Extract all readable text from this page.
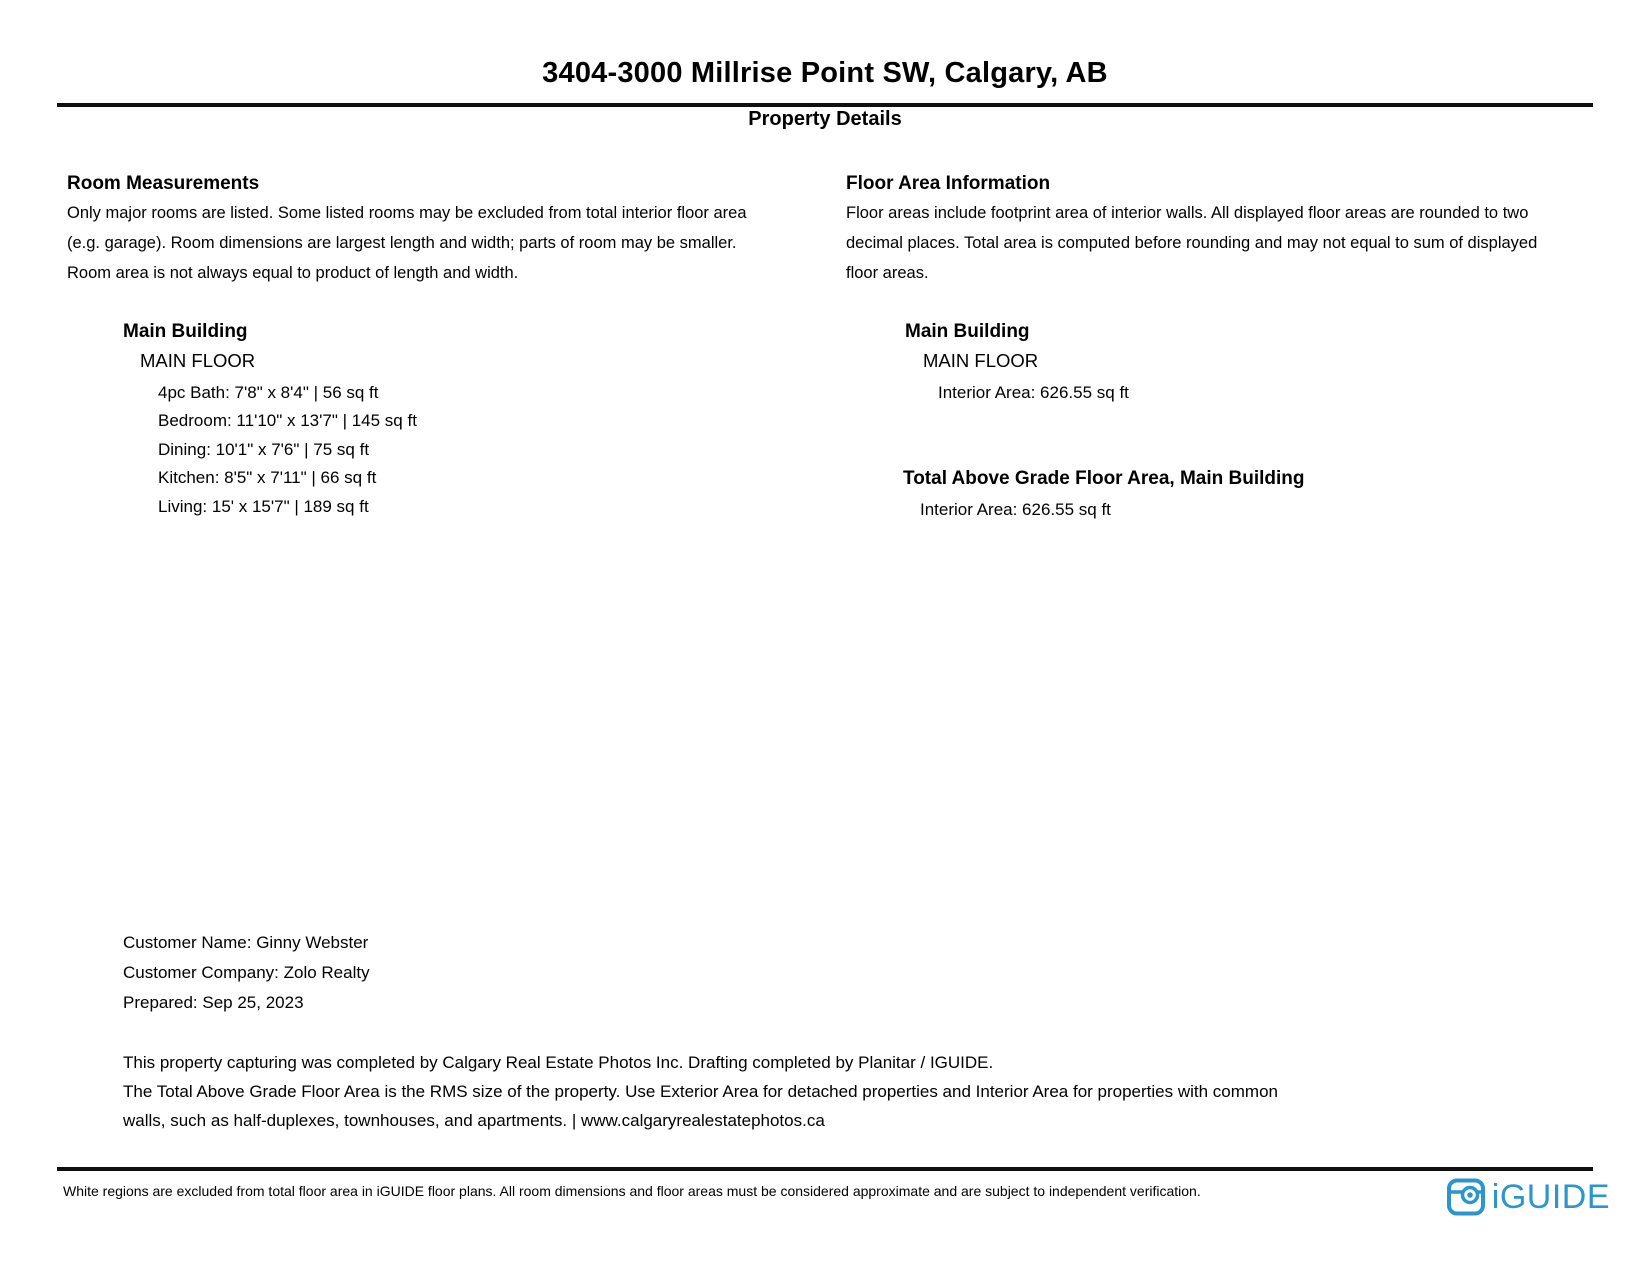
3404-3000 Millrise Point SW, Calgary, AB
Property Details
Room Measurements
Only major rooms are listed. Some listed rooms may be excluded from total interior floor area
(e.g. garage). Room dimensions are largest length and width; parts of room may be smaller.
Room area is not always equal to product of length and width.
Main Building
MAIN FLOOR
4pc Bath: 7'8" x 8'4" | 56 sq ft
Bedroom: 11'10" x 13'7" | 145 sq ft
Dining: 10'1" x 7'6" | 75 sq ft
Kitchen: 8'5" x 7'11" | 66 sq ft
Living: 15' x 15'7" | 189 sq ft
Floor Area Information
Floor areas include footprint area of interior walls. All displayed floor areas are rounded to two
decimal places. Total area is computed before rounding and may not equal to sum of displayed
floor areas.
Main Building
MAIN FLOOR
Interior Area: 626.55 sq ft
Total Above Grade Floor Area, Main Building
Interior Area: 626.55 sq ft
Customer Name: Ginny Webster
Customer Company: Zolo Realty
Prepared: Sep 25, 2023
This property capturing was completed by Calgary Real Estate Photos Inc. Drafting completed by Planitar / IGUIDE.
The Total Above Grade Floor Area is the RMS size of the property. Use Exterior Area for detached properties and Interior Area for properties with common
walls, such as half-duplexes, townhouses, and apartments. | www.calgaryrealestatephotos.ca
White regions are excluded from total floor area in iGUIDE floor plans. All room dimensions and floor areas must be considered approximate and are subject to independent verification.	iGUIDE
